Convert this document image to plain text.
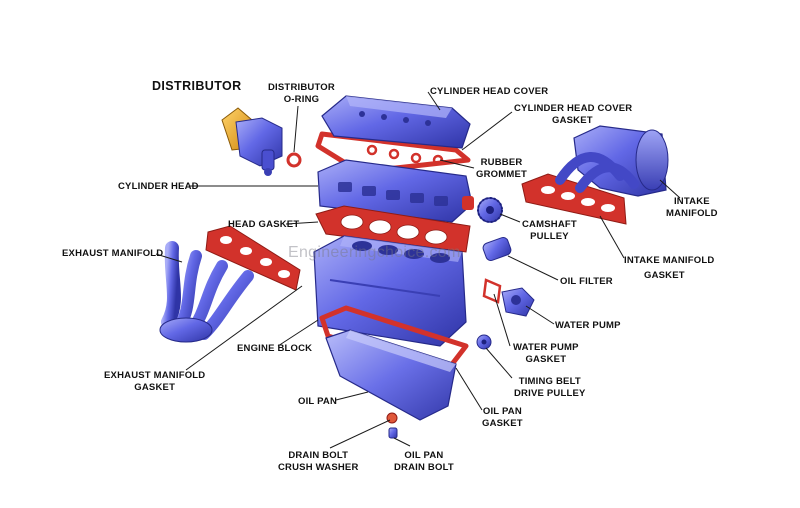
Engineeringchoice.com
DISTRIBUTOR	DISTRIBUTOR
O-RING
CYLINDER HEAD COVER
CYLINDER HEAD COVER
GASKET
RUBBER
GROMMET
CYLINDER HEAD
INTAKE
MANIFOLD
HEAD GASKET	CAMSHAFT
PULLEY
EXHAUST MANIFOLD
INTAKE MANIFOLD
GASKET
OIL FILTER
WATER PUMP
ENGINE BLOCK	WATER PUMP
GASKET
EXHAUST MANIFOLD
GASKET
TIMING BELT
DRIVE PULLEY
OIL PAN
OIL PAN
GASKET
DRAIN BOLT
CRUSH WASHER
OIL PAN
DRAIN BOLT
